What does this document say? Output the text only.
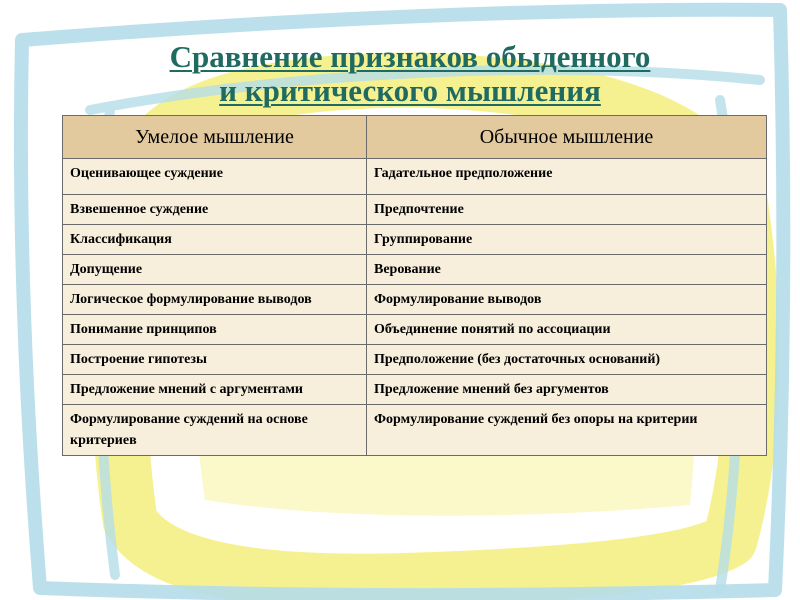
Сравнение признаков обыденного
и критического мышления
Умелое мышление	Обычное мышление
Оценивающее суждение	Гадательное предположение
Взвешенное суждение	Предпочтение
Классификация	Группирование
Допущение	Верование
Логическое формулирование выводов	Формулирование выводов
Понимание принципов	Объединение понятий по ассоциации
Построение гипотезы	Предположение (без достаточных оснований)
Предложение мнений с аргументами	Предложение мнений без аргументов
Формулирование суждений на основе критериев	Формулирование суждений без опоры на критерии
